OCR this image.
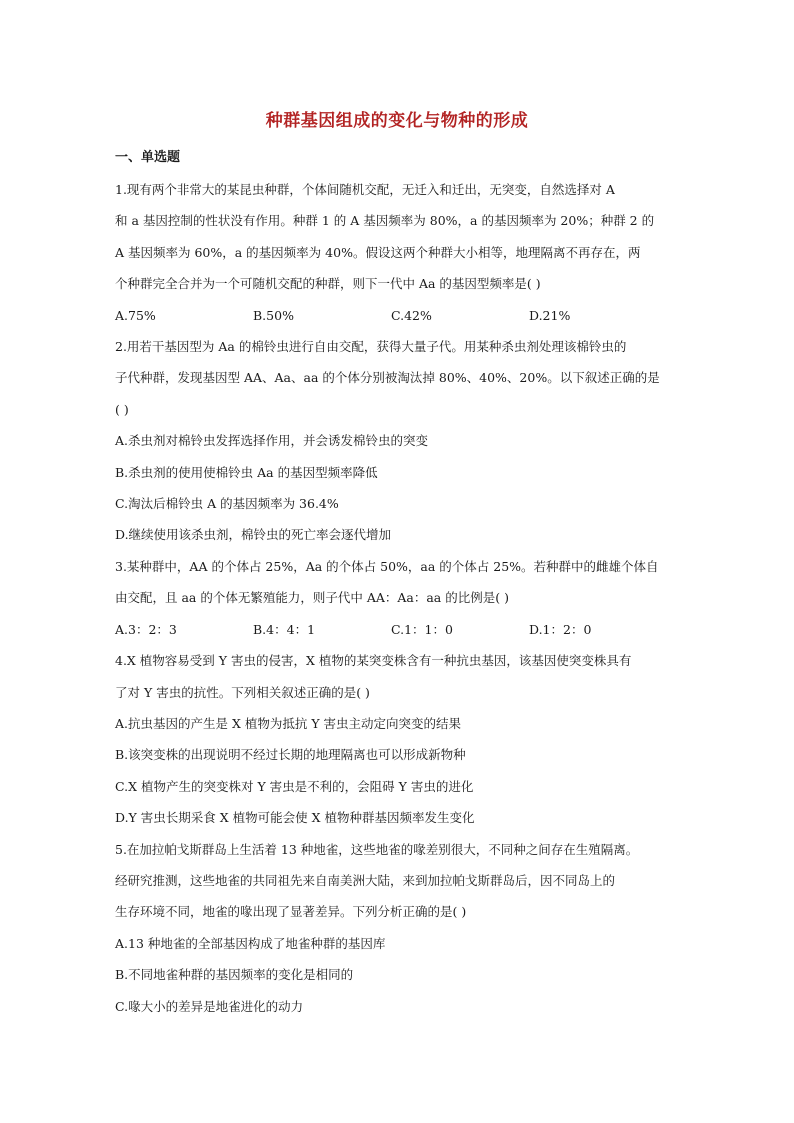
种群基因组成的变化与物种的形成
一、单选题

1.现有两个非常大的某昆虫种群，个体间随机交配，无迁入和迁出，无突变，自然选择对 A

和 a 基因控制的性状没有作用。种群 1 的 A 基因频率为 80%，a 的基因频率为 20%；种群 2 的

A 基因频率为 60%，a 的基因频率为 40%。假设这两个种群大小相等，地理隔离不再存在，两

个种群完全合并为一个可随机交配的种群，则下一代中 Aa 的基因型频率是( )

A.75%	B.50%	C.42%	D.21%

2.用若干基因型为 Aa 的棉铃虫进行自由交配，获得大量子代。用某种杀虫剂处理该棉铃虫的

子代种群，发现基因型 AA、Aa、aa 的个体分别被淘汰掉 80%、40%、20%。以下叙述正确的是

( )

A.杀虫剂对棉铃虫发挥选择作用，并会诱发棉铃虫的突变

B.杀虫剂的使用使棉铃虫 Aa 的基因型频率降低

C.淘汰后棉铃虫 A 的基因频率为 36.4%

D.继续使用该杀虫剂，棉铃虫的死亡率会逐代增加

3.某种群中，AA 的个体占 25%，Aa 的个体占 50%，aa 的个体占 25%。若种群中的雌雄个体自

由交配，且 aa 的个体无繁殖能力，则子代中 AA：Aa：aa 的比例是( )

A.3：2：3	B.4：4：1	C.1：1：0	D.1：2：0

4.X 植物容易受到 Y 害虫的侵害，X 植物的某突变株含有一种抗虫基因，该基因使突变株具有

了对 Y 害虫的抗性。下列相关叙述正确的是( )

A.抗虫基因的产生是 X 植物为抵抗 Y 害虫主动定向突变的结果

B.该突变株的出现说明不经过长期的地理隔离也可以形成新物种

C.X 植物产生的突变株对 Y 害虫是不利的，会阻碍 Y 害虫的进化

D.Y 害虫长期采食 X 植物可能会使 X 植物种群基因频率发生变化

5.在加拉帕戈斯群岛上生活着 13 种地雀，这些地雀的喙差别很大，不同种之间存在生殖隔离。

经研究推测，这些地雀的共同祖先来自南美洲大陆，来到加拉帕戈斯群岛后，因不同岛上的

生存环境不同，地雀的喙出现了显著差异。下列分析正确的是( )

A.13 种地雀的全部基因构成了地雀种群的基因库

B.不同地雀种群的基因频率的变化是相同的

C.喙大小的差异是地雀进化的动力
